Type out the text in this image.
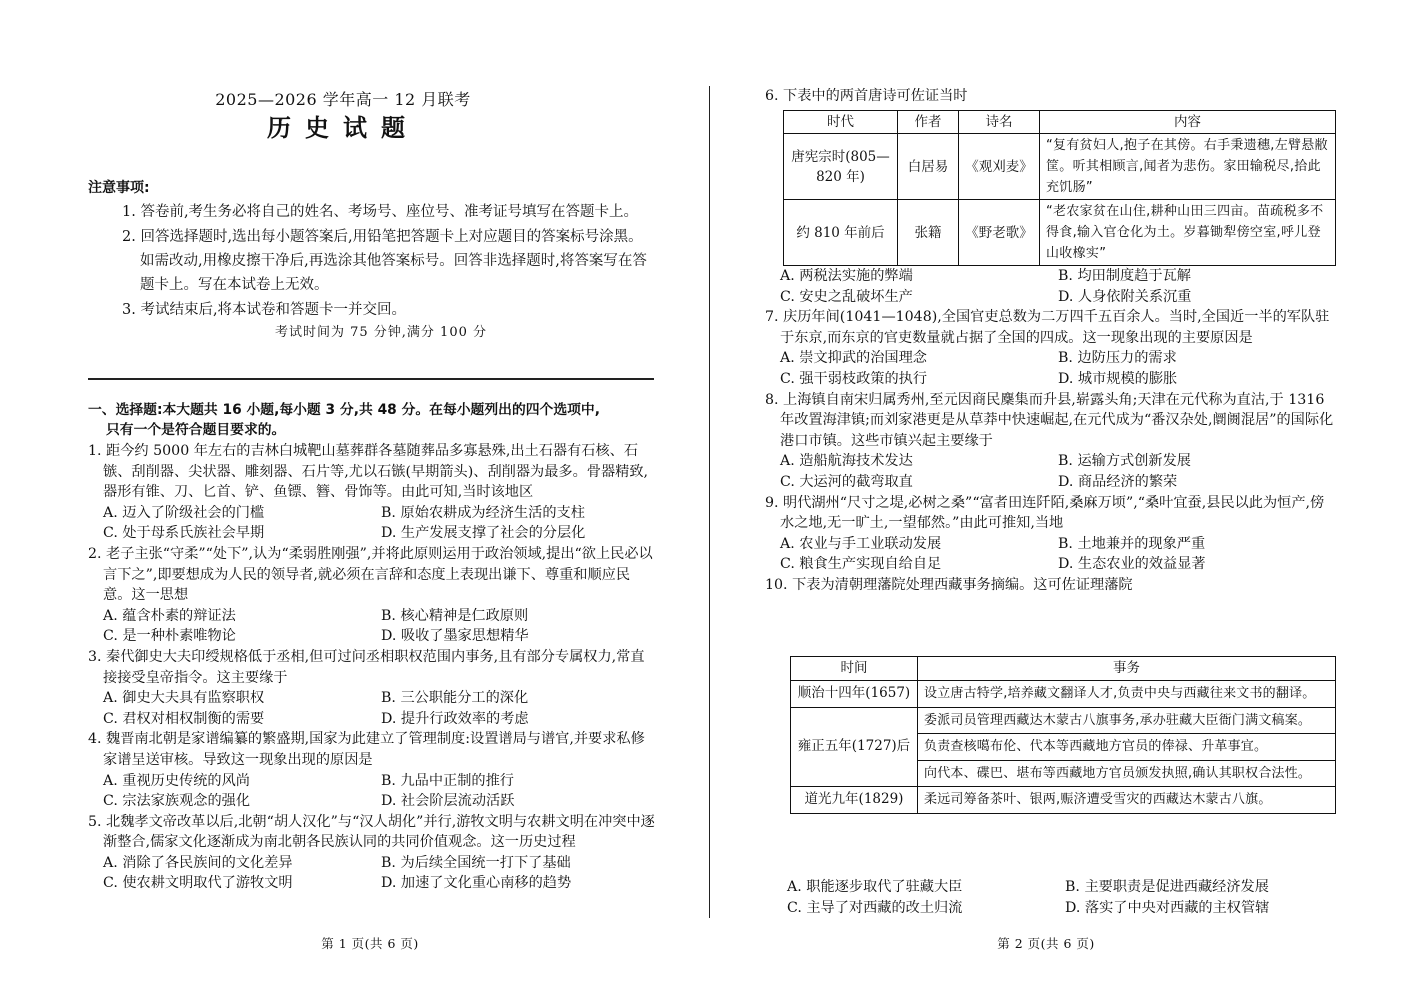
2025—2026 学年高一 12 月联考
历史试题
注意事项:
1. 答卷前,考生务必将自己的姓名、考场号、座位号、准考证号填写在答题卡上。
2. 回答选择题时,选出每小题答案后,用铅笔把答题卡上对应题目的答案标号涂黑。如需改动,用橡皮擦干净后,再选涂其他答案标号。回答非选择题时,将答案写在答题卡上。写在本试卷上无效。
3. 考试结束后,将本试卷和答题卡一并交回。
考试时间为 75 分钟,满分 100 分
一、选择题:本大题共 16 小题,每小题 3 分,共 48 分。在每小题列出的四个选项中,
只有一个是符合题目要求的。
1. 距今约 5000 年左右的吉林白城靶山墓葬群各墓随葬品多寡悬殊,出土石器有石核、石镞、刮削器、尖状器、雕刻器、石片等,尤以石镞(早期箭头)、刮削器为最多。骨器精致,器形有锥、刀、匕首、铲、鱼镖、簪、骨饰等。由此可知,当时该地区
A. 迈入了阶级社会的门槛	B. 原始农耕成为经济生活的支柱
C. 处于母系氏族社会早期	D. 生产发展支撑了社会的分层化
2. 老子主张“守柔”“处下”,认为“柔弱胜刚强”,并将此原则运用于政治领域,提出“欲上民必以言下之”,即要想成为人民的领导者,就必须在言辞和态度上表现出谦下、尊重和顺应民意。这一思想
A. 蕴含朴素的辩证法	B. 核心精神是仁政原则
C. 是一种朴素唯物论	D. 吸收了墨家思想精华
3. 秦代御史大夫印绶规格低于丞相,但可过问丞相职权范围内事务,且有部分专属权力,常直接接受皇帝指令。这主要缘于
A. 御史大夫具有监察职权	B. 三公职能分工的深化
C. 君权对相权制衡的需要	D. 提升行政效率的考虑
4. 魏晋南北朝是家谱编纂的繁盛期,国家为此建立了管理制度:设置谱局与谱官,并要求私修家谱呈送审核。导致这一现象出现的原因是
A. 重视历史传统的风尚	B. 九品中正制的推行
C. 宗法家族观念的强化	D. 社会阶层流动活跃
5. 北魏孝文帝改革以后,北朝“胡人汉化”与“汉人胡化”并行,游牧文明与农耕文明在冲突中逐渐整合,儒家文化逐渐成为南北朝各民族认同的共同价值观念。这一历史过程
A. 消除了各民族间的文化差异	B. 为后续全国统一打下了基础
C. 使农耕文明取代了游牧文明	D. 加速了文化重心南移的趋势
6. 下表中的两首唐诗可佐证当时
时代	作者	诗名	内容
唐宪宗时(805—820 年)	白居易	《观刈麦》	“复有贫妇人,抱子在其傍。右手秉遗穗,左臂悬敝筐。听其相顾言,闻者为悲伤。家田输税尽,拾此充饥肠”
约 810 年前后	张籍	《野老歌》	“老农家贫在山住,耕种山田三四亩。苗疏税多不得食,输入官仓化为土。岁暮锄犁傍空室,呼儿登山收橡实”
A. 两税法实施的弊端	B. 均田制度趋于瓦解
C. 安史之乱破坏生产	D. 人身依附关系沉重
7. 庆历年间(1041—1048),全国官吏总数为二万四千五百余人。当时,全国近一半的军队驻于东京,而东京的官吏数量就占据了全国的四成。这一现象出现的主要原因是
A. 崇文抑武的治国理念	B. 边防压力的需求
C. 强干弱枝政策的执行	D. 城市规模的膨胀
8. 上海镇自南宋归属秀州,至元因商民麇集而升县,崭露头角;天津在元代称为直沽,于 1316 年改置海津镇;而刘家港更是从草莽中快速崛起,在元代成为“番汉杂处,阛阓混居”的国际化港口市镇。这些市镇兴起主要缘于
A. 造船航海技术发达	B. 运输方式创新发展
C. 大运河的截弯取直	D. 商品经济的繁荣
9. 明代湖州“尺寸之堤,必树之桑”“富者田连阡陌,桑麻万顷”,“桑叶宜蚕,县民以此为恒产,傍水之地,无一旷土,一望郁然。”由此可推知,当地
A. 农业与手工业联动发展	B. 土地兼并的现象严重
C. 粮食生产实现自给自足	D. 生态农业的效益显著
10. 下表为清朝理藩院处理西藏事务摘编。这可佐证理藩院
时间	事务
顺治十四年(1657)	设立唐古特学,培养藏文翻译人才,负责中央与西藏往来文书的翻译。
雍正五年(1727)后	委派司员管理西藏达木蒙古八旗事务,承办驻藏大臣衙门满文稿案。
	负责查核噶布伦、代本等西藏地方官员的俸禄、升革事宜。
	向代本、碟巴、堪布等西藏地方官员颁发执照,确认其职权合法性。
道光九年(1829)	柔远司筹备茶叶、银两,赈济遭受雪灾的西藏达木蒙古八旗。
A. 职能逐步取代了驻藏大臣	B. 主要职责是促进西藏经济发展
C. 主导了对西藏的改土归流	D. 落实了中央对西藏的主权管辖
第 1 页(共 6 页)	第 2 页(共 6 页)
